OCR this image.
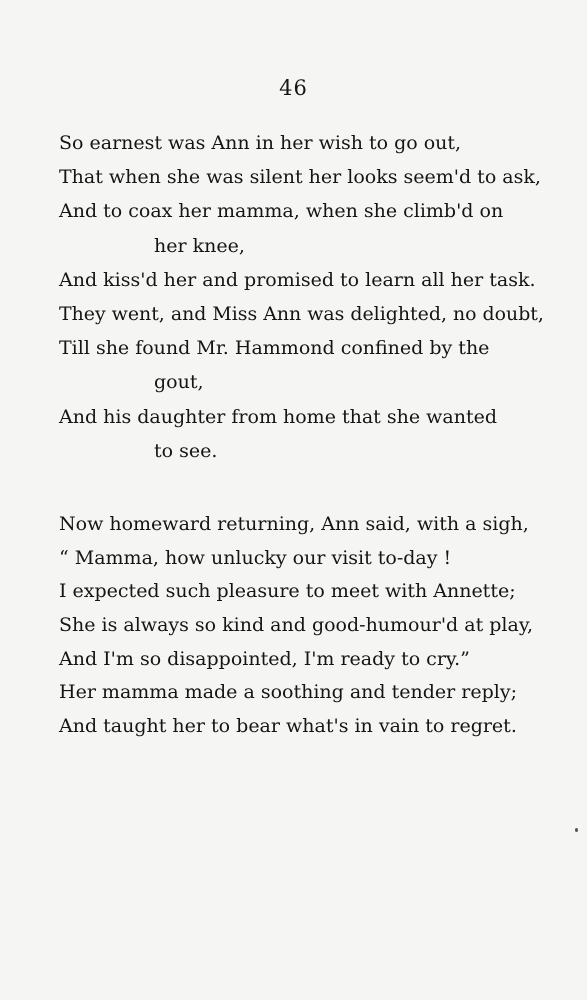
46
So earnest was Ann in her wish to go out,
That when she was silent her looks seem'd to ask,
And to coax her mamma, when she climb'd on
her knee,
And kiss'd her and promised to learn all her task.
They went, and Miss Ann was delighted, no doubt,
Till she found Mr. Hammond confined by the
gout,
And his daughter from home that she wanted
to see.
Now homeward returning, Ann said, with a sigh,
“ Mamma, how unlucky our visit to-day !
I expected such pleasure to meet with Annette;
She is always so kind and good-humour'd at play,
And I'm so disappointed, I'm ready to cry.”
Her mamma made a soothing and tender reply;
And taught her to bear what's in vain to regret.
